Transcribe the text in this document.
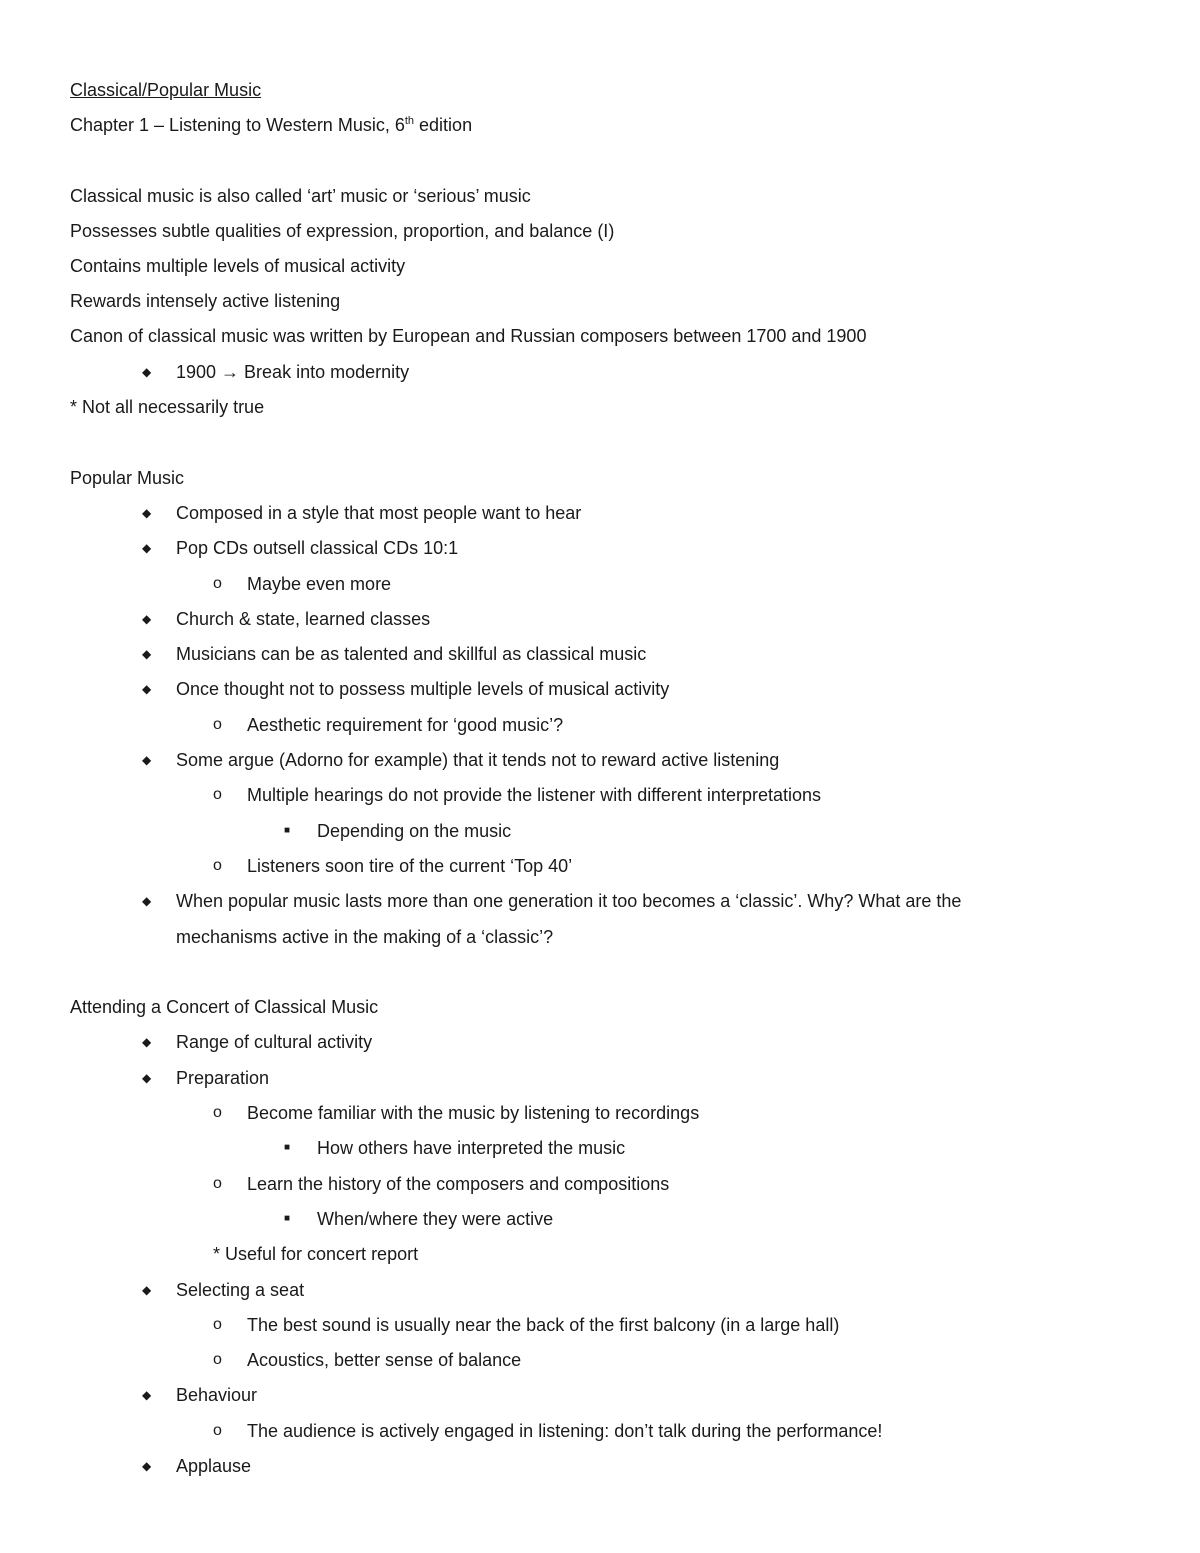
Classical/Popular Music
Chapter 1 – Listening to Western Music, 6th edition
Classical music is also called ‘art’ music or ‘serious’ music
Possesses subtle qualities of expression, proportion, and balance (I)
Contains multiple levels of musical activity
Rewards intensely active listening
Canon of classical music was written by European and Russian composers between 1700 and 1900
◆ 1900 → Break into modernity
* Not all necessarily true
Popular Music
◆ Composed in a style that most people want to hear
◆ Pop CDs outsell classical CDs 10:1
o Maybe even more
◆ Church & state, learned classes
◆ Musicians can be as talented and skillful as classical music
◆ Once thought not to possess multiple levels of musical activity
o Aesthetic requirement for ‘good music’?
◆ Some argue (Adorno for example) that it tends not to reward active listening
o Multiple hearings do not provide the listener with different interpretations
■ Depending on the music
o Listeners soon tire of the current ‘Top 40’
◆ When popular music lasts more than one generation it too becomes a ‘classic’. Why? What are the
mechanisms active in the making of a ‘classic’?
Attending a Concert of Classical Music
◆ Range of cultural activity
◆ Preparation
o Become familiar with the music by listening to recordings
■ How others have interpreted the music
o Learn the history of the composers and compositions
■ When/where they were active
* Useful for concert report
◆ Selecting a seat
o The best sound is usually near the back of the first balcony (in a large hall)
o Acoustics, better sense of balance
◆ Behaviour
o The audience is actively engaged in listening: don’t talk during the performance!
◆ Applause
